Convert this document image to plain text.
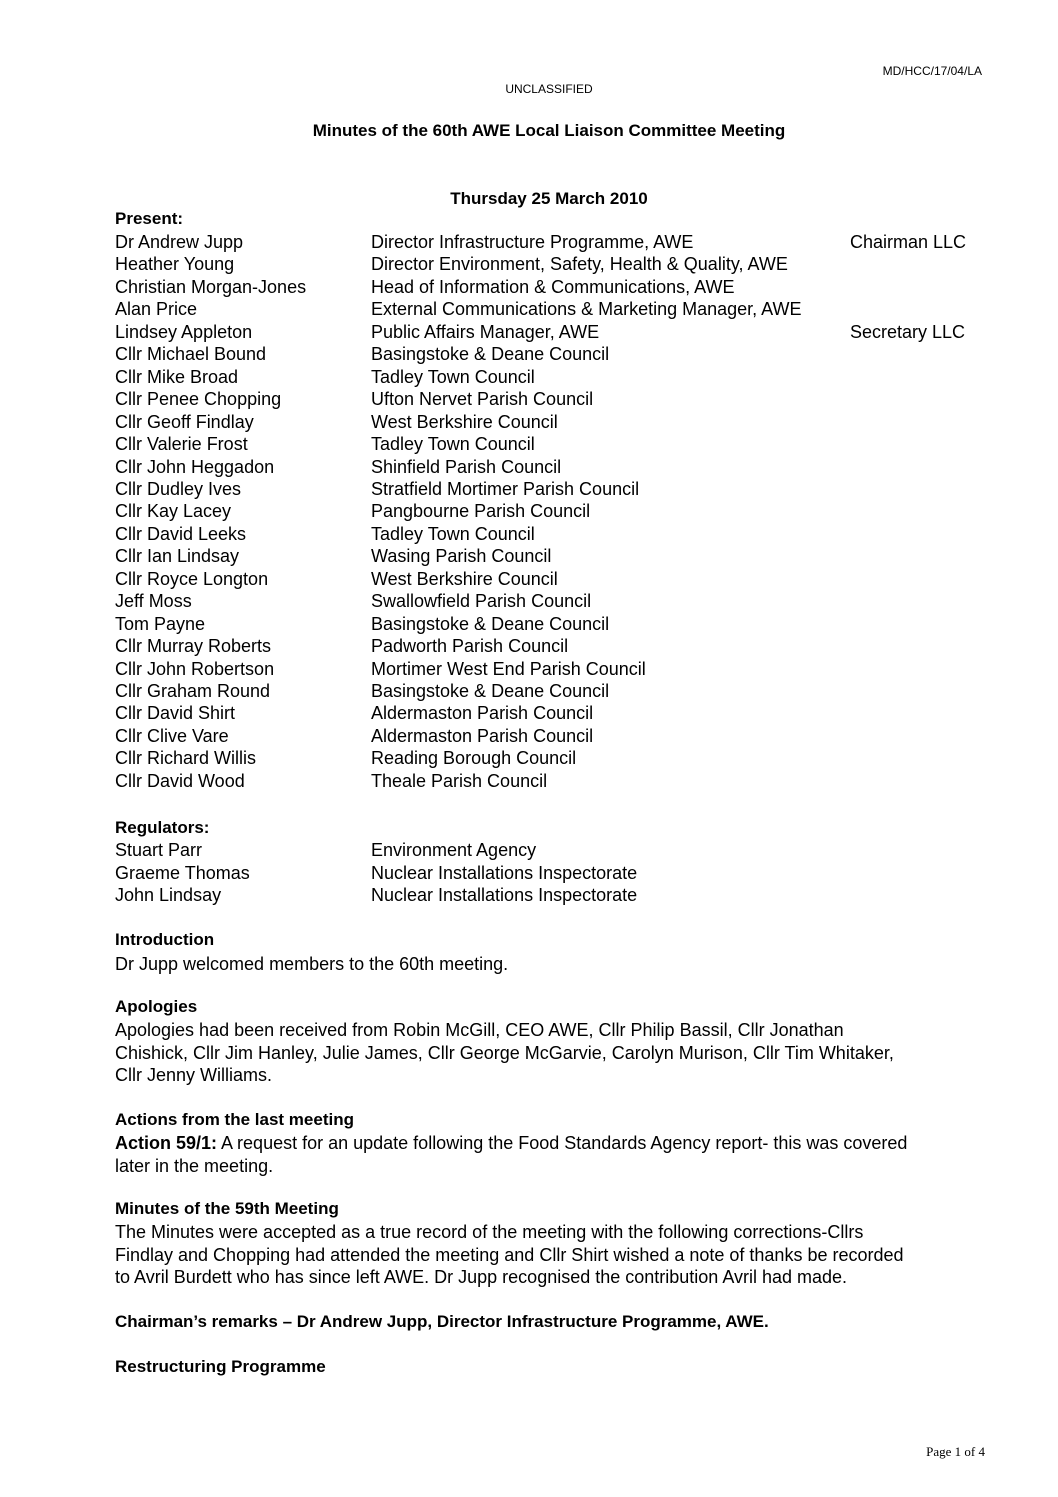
MD/HCC/17/04/LA
UNCLASSIFIED
Minutes of the 60th AWE Local Liaison Committee Meeting
Thursday 25 March 2010
Present:
Dr Andrew Jupp	Director Infrastructure Programme, AWE	Chairman LLC
Heather Young	Director Environment, Safety, Health & Quality, AWE
Christian Morgan-Jones	Head of Information & Communications, AWE
Alan Price	External Communications & Marketing Manager, AWE
Lindsey Appleton	Public Affairs Manager, AWE	Secretary LLC
Cllr Michael Bound	Basingstoke & Deane Council
Cllr Mike Broad	Tadley Town Council
Cllr Penee Chopping	Ufton Nervet Parish Council
Cllr Geoff Findlay	West Berkshire Council
Cllr Valerie Frost	Tadley Town Council
Cllr John Heggadon	Shinfield Parish Council
Cllr Dudley Ives	Stratfield Mortimer Parish Council
Cllr Kay Lacey	Pangbourne Parish Council
Cllr David Leeks	Tadley Town Council
Cllr Ian Lindsay	Wasing Parish Council
Cllr Royce Longton	West Berkshire Council
Jeff Moss	Swallowfield Parish Council
Tom Payne	Basingstoke & Deane Council
Cllr Murray Roberts	Padworth Parish Council
Cllr John Robertson	Mortimer West End Parish Council
Cllr Graham Round	Basingstoke & Deane Council
Cllr David Shirt	Aldermaston Parish Council
Cllr Clive Vare	Aldermaston Parish Council
Cllr Richard Willis	Reading Borough Council
Cllr David Wood	Theale Parish Council
Regulators:
Stuart Parr	Environment Agency
Graeme Thomas	Nuclear Installations Inspectorate
John Lindsay	Nuclear Installations Inspectorate
Introduction
Dr Jupp welcomed members to the 60th meeting.
Apologies
Apologies had been received from Robin McGill, CEO AWE, Cllr Philip Bassil, Cllr Jonathan
Chishick, Cllr Jim Hanley, Julie James, Cllr George McGarvie, Carolyn Murison, Cllr Tim Whitaker,
Cllr Jenny Williams.
Actions from the last meeting
Action 59/1: A request for an update following the Food Standards Agency report- this was covered
later in the meeting.
Minutes of the 59th Meeting
The Minutes were accepted as a true record of the meeting with the following corrections-Cllrs
Findlay and Chopping had attended the meeting and Cllr Shirt wished a note of thanks be recorded
to Avril Burdett who has since left AWE. Dr Jupp recognised the contribution Avril had made.
Chairman’s remarks – Dr Andrew Jupp, Director Infrastructure Programme, AWE.
Restructuring Programme
Page 1 of 4
